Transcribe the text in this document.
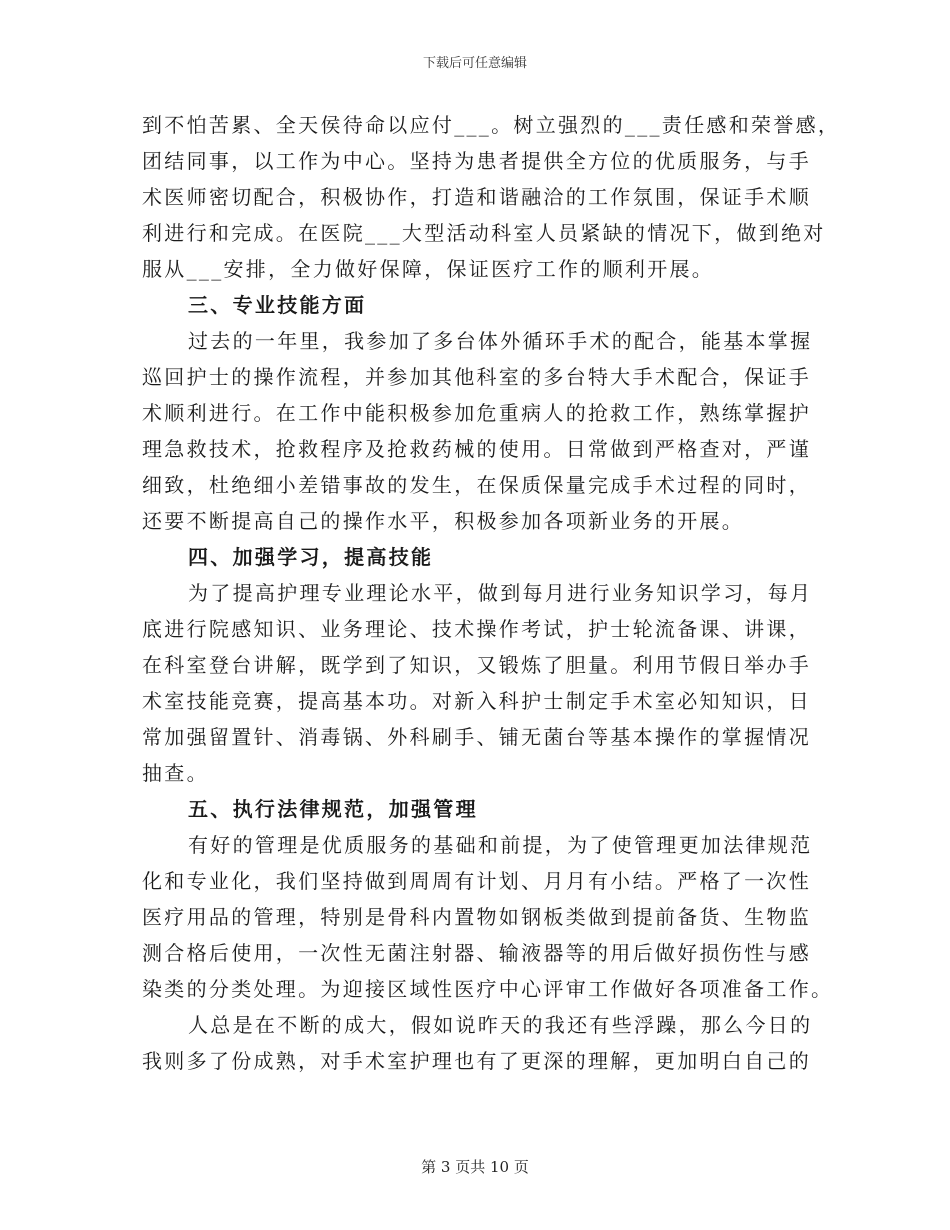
下载后可任意编辑
到不怕苦累、全天侯待命以应付___。树立强烈的___责任感和荣誉感，
团结同事，以工作为中心。坚持为患者提供全方位的优质服务，与手
术医师密切配合，积极协作，打造和谐融洽的工作氛围，保证手术顺
利进行和完成。在医院___大型活动科室人员紧缺的情况下，做到绝对
服从___安排，全力做好保障，保证医疗工作的顺利开展。
三、专业技能方面
过去的一年里，我参加了多台体外循环手术的配合，能基本掌握
巡回护士的操作流程，并参加其他科室的多台特大手术配合，保证手
术顺利进行。在工作中能积极参加危重病人的抢救工作，熟练掌握护
理急救技术，抢救程序及抢救药械的使用。日常做到严格查对，严谨
细致，杜绝细小差错事故的发生，在保质保量完成手术过程的同时，
还要不断提高自己的操作水平，积极参加各项新业务的开展。
四、加强学习，提高技能
为了提高护理专业理论水平，做到每月进行业务知识学习，每月
底进行院感知识、业务理论、技术操作考试，护士轮流备课、讲课，
在科室登台讲解，既学到了知识，又锻炼了胆量。利用节假日举办手
术室技能竞赛，提高基本功。对新入科护士制定手术室必知知识，日
常加强留置针、消毒锅、外科刷手、铺无菌台等基本操作的掌握情况
抽查。
五、执行法律规范，加强管理
有好的管理是优质服务的基础和前提，为了使管理更加法律规范
化和专业化，我们坚持做到周周有计划、月月有小结。严格了一次性
医疗用品的管理，特别是骨科内置物如钢板类做到提前备货、生物监
测合格后使用，一次性无菌注射器、输液器等的用后做好损伤性与感
染类的分类处理。为迎接区域性医疗中心评审工作做好各项准备工作。
人总是在不断的成大，假如说昨天的我还有些浮躁，那么今日的
我则多了份成熟，对手术室护理也有了更深的理解，更加明白自己的
第 3 页共 10 页
